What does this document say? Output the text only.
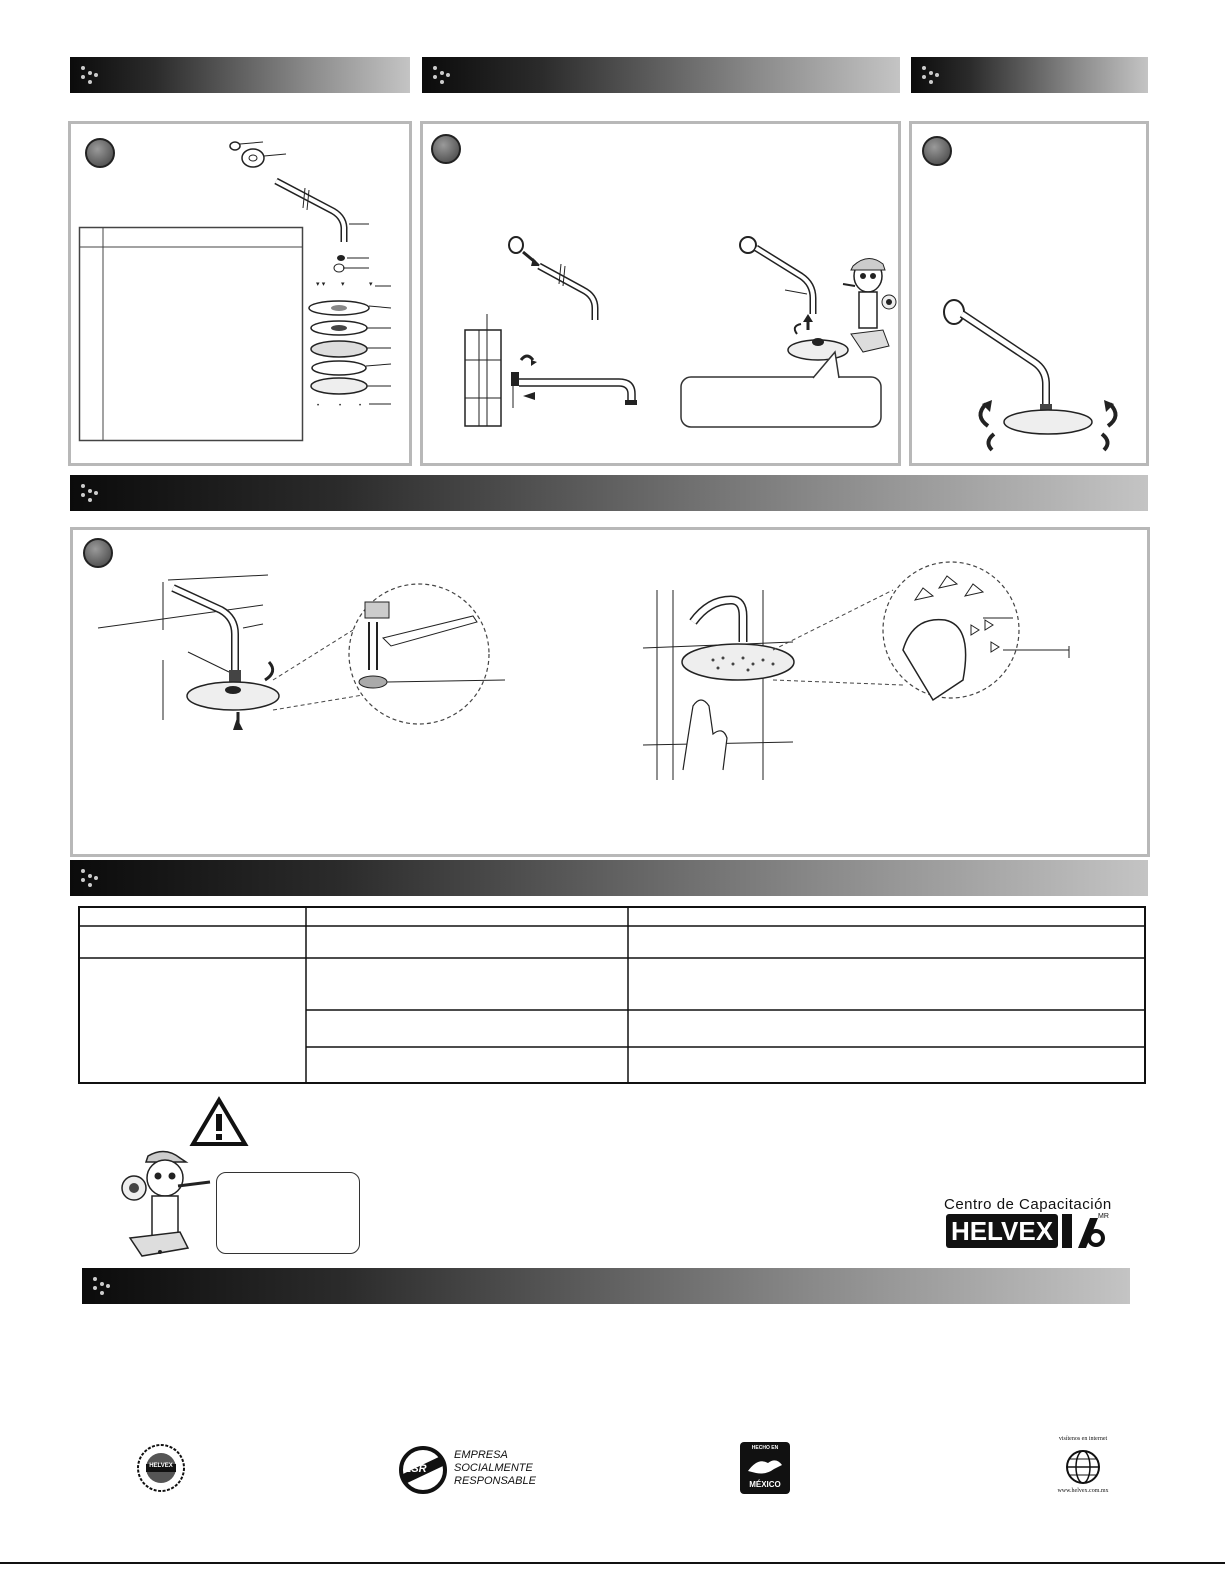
▾ ▾ ▾	▾
•	•	•
Centro de Capacitación
HELVEX	MR
HELVEX	ESR
EMPRESA
SOCIALMENTE
RESPONSABLE
HECHO EN
MÉXICO
visítenos en internet
www.helvex.com.mx
